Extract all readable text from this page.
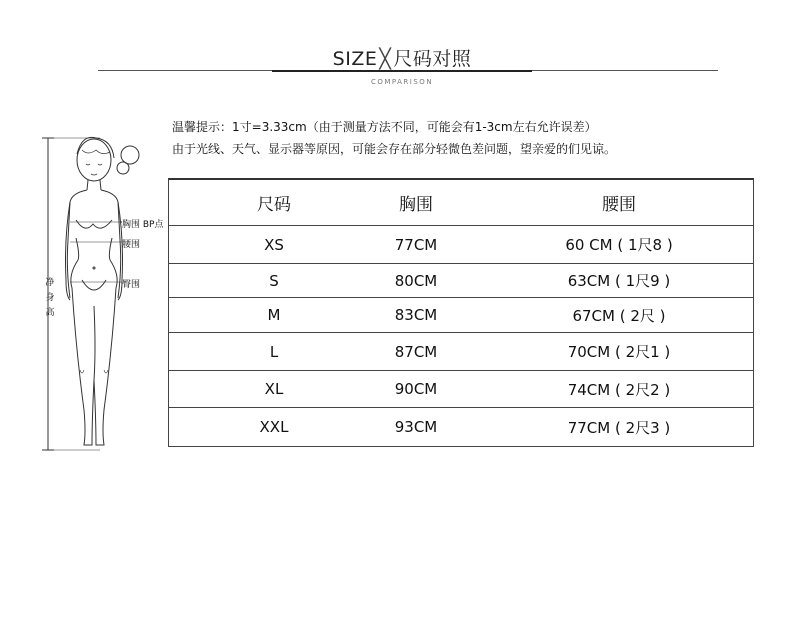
SIZE ╳ 尺码对照
COMPARISON
温馨提示：1寸=3.33cm（由于测量方法不同，可能会有1-3cm左右允许误差）
由于光线、天气、显示器等原因，可能会存在部分轻微色差问题，望亲爱的们见谅。
胸围 BP点
腰围
臀围
净身高
尺码	胸围	腰围
XS	77CM	60 CM ( 1尺8 )
S	80CM	63CM ( 1尺9 )
M	83CM	67CM ( 2尺 )
L	87CM	70CM ( 2尺1 )
XL	90CM	74CM ( 2尺2 )
XXL	93CM	77CM ( 2尺3 )
